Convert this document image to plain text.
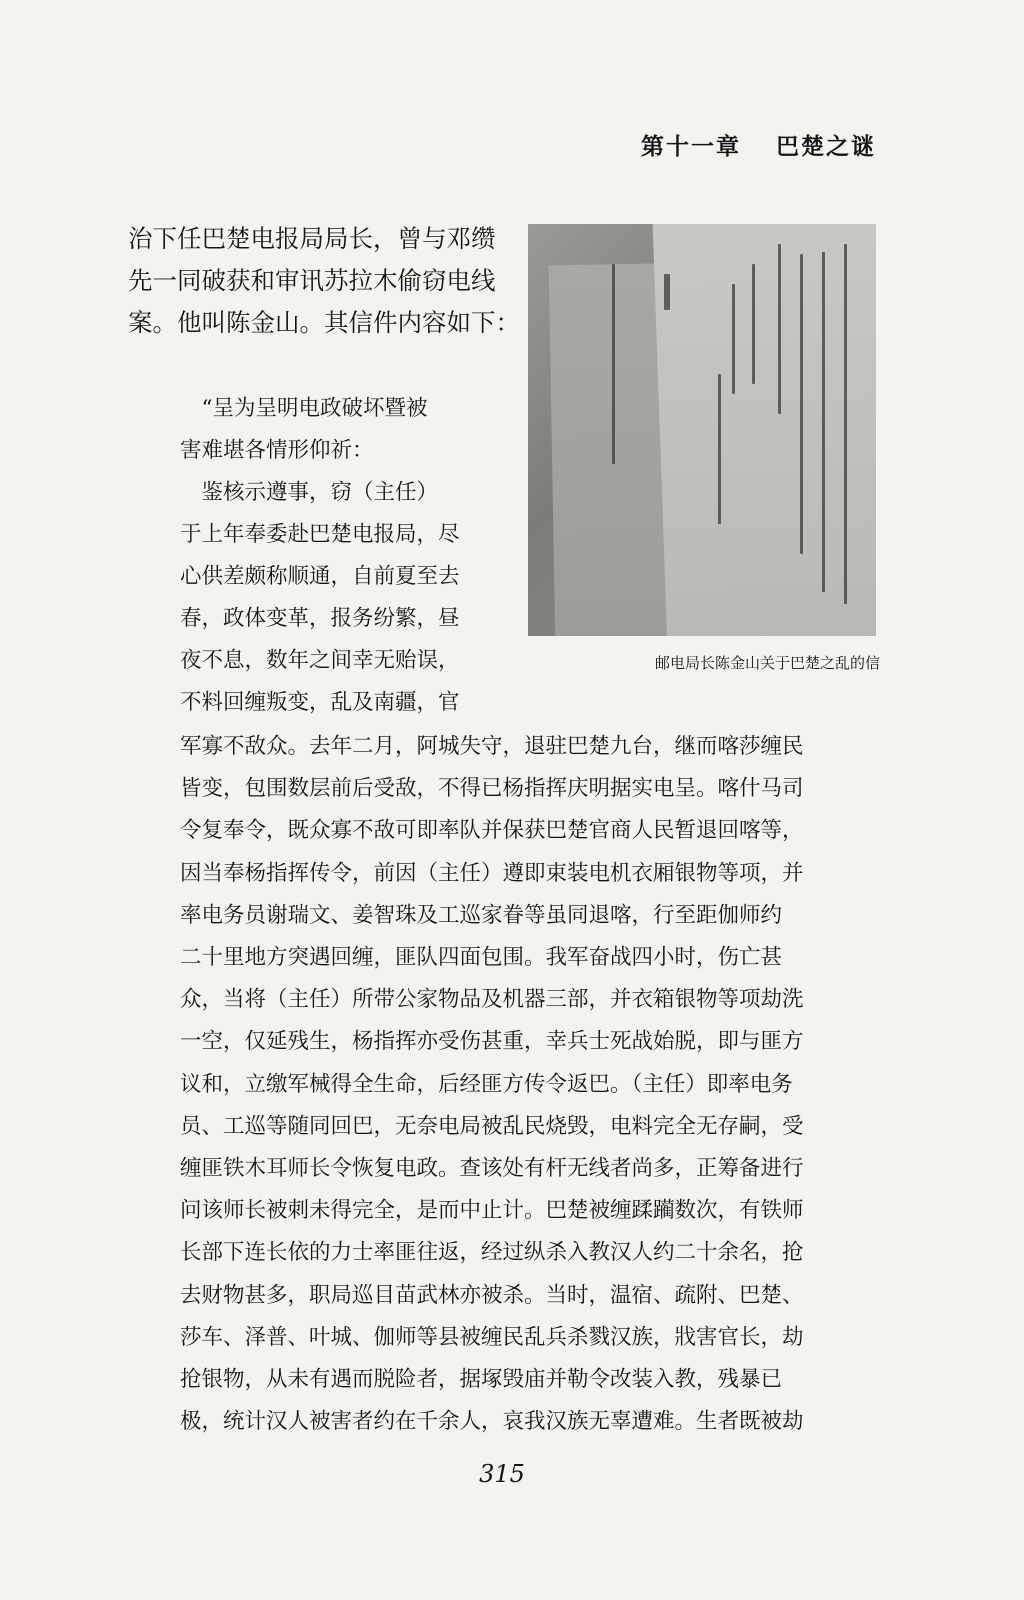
第十一章　 巴楚之谜
治下任巴楚电报局局长，曾与邓缵
先一同破获和审讯苏拉木偷窃电线
案。他叫陈金山。其信件内容如下：
　“呈为呈明电政破坏暨被
害难堪各情形仰祈：
　鉴核示遵事，窃（主任）
于上年奉委赴巴楚电报局，尽
心供差颇称顺通，自前夏至去
春，政体变革，报务纷繁，昼
夜不息，数年之间幸无贻误，
不料回缠叛变，乱及南疆，官
邮电局长陈金山关于巴楚之乱的信
军寡不敌众。去年二月，阿城失守，退驻巴楚九台，继而喀莎缠民
皆变，包围数层前后受敌，不得已杨指挥庆明据实电呈。喀什马司
令复奉令，既众寡不敌可即率队并保获巴楚官商人民暂退回喀等，
因当奉杨指挥传令，前因（主任）遵即束装电机衣厢银物等项，并
率电务员谢瑞文、姜智珠及工巡家眷等虽同退喀，行至距伽师约
二十里地方突遇回缠，匪队四面包围。我军奋战四小时，伤亡甚
众，当将（主任）所带公家物品及机器三部，并衣箱银物等项劫洗
一空，仅延残生，杨指挥亦受伤甚重，幸兵士死战始脱，即与匪方
议和，立缴军械得全生命，后经匪方传令返巴。（主任）即率电务
员、工巡等随同回巴，无奈电局被乱民烧毁，电料完全无存嗣，受
缠匪铁木耳师长令恢复电政。查该处有杆无线者尚多，正筹备进行
问该师长被刺未得完全，是而中止计。巴楚被缠蹂躏数次，有铁师
长部下连长依的力士率匪往返，经过纵杀入教汉人约二十余名，抢
去财物甚多，职局巡目苗武林亦被杀。当时，温宿、疏附、巴楚、
莎车、泽普、叶城、伽师等县被缠民乱兵杀戮汉族，戕害官长，劫
抢银物，从未有遇而脱险者，据塚毁庙并勒令改装入教，残暴已
极，统计汉人被害者约在千余人，哀我汉族无辜遭难。生者既被劫
315
